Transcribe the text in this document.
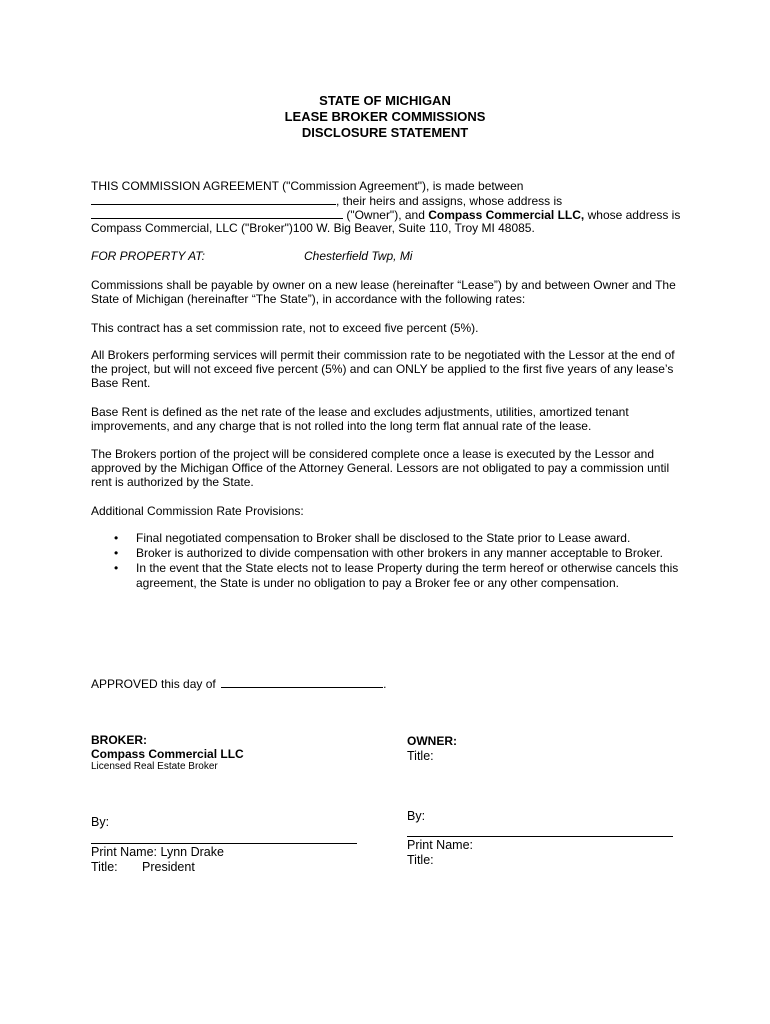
STATE OF MICHIGAN
LEASE BROKER COMMISSIONS
DISCLOSURE STATEMENT
THIS COMMISSION AGREEMENT ("Commission Agreement"), is made between
, their heirs and assigns, whose address is
("Owner"), and Compass Commercial LLC, whose address is
Compass Commercial, LLC ("Broker")100 W. Big Beaver, Suite 110, Troy MI 48085.
FOR PROPERTY AT:	Chesterfield Twp, Mi
Commissions shall be payable by owner on a new lease (hereinafter “Lease”) by and between Owner and The
State of Michigan (hereinafter “The State”), in accordance with the following rates:
This contract has a set commission rate, not to exceed five percent (5%).
All Brokers performing services will permit their commission rate to be negotiated with the Lessor at the end of
the project, but will not exceed five percent (5%) and can ONLY be applied to the first five years of any lease’s
Base Rent.
Base Rent is defined as the net rate of the lease and excludes adjustments, utilities, amortized tenant
improvements, and any charge that is not rolled into the long term flat annual rate of the lease.
The Brokers portion of the project will be considered complete once a lease is executed by the Lessor and
approved by the Michigan Office of the Attorney General. Lessors are not obligated to pay a commission until
rent is authorized by the State.
Additional Commission Rate Provisions:
• Final negotiated compensation to Broker shall be disclosed to the State prior to Lease award.
• Broker is authorized to divide compensation with other brokers in any manner acceptable to Broker.
• In the event that the State elects not to lease Property during the term hereof or otherwise cancels this
agreement, the State is under no obligation to pay a Broker fee or any other compensation.
APPROVED this day of	.
BROKER:
Compass Commercial LLC
Licensed Real Estate Broker
By:
Print Name: Lynn Drake
Title: President
OWNER:
Title:
By:
Print Name:
Title:
